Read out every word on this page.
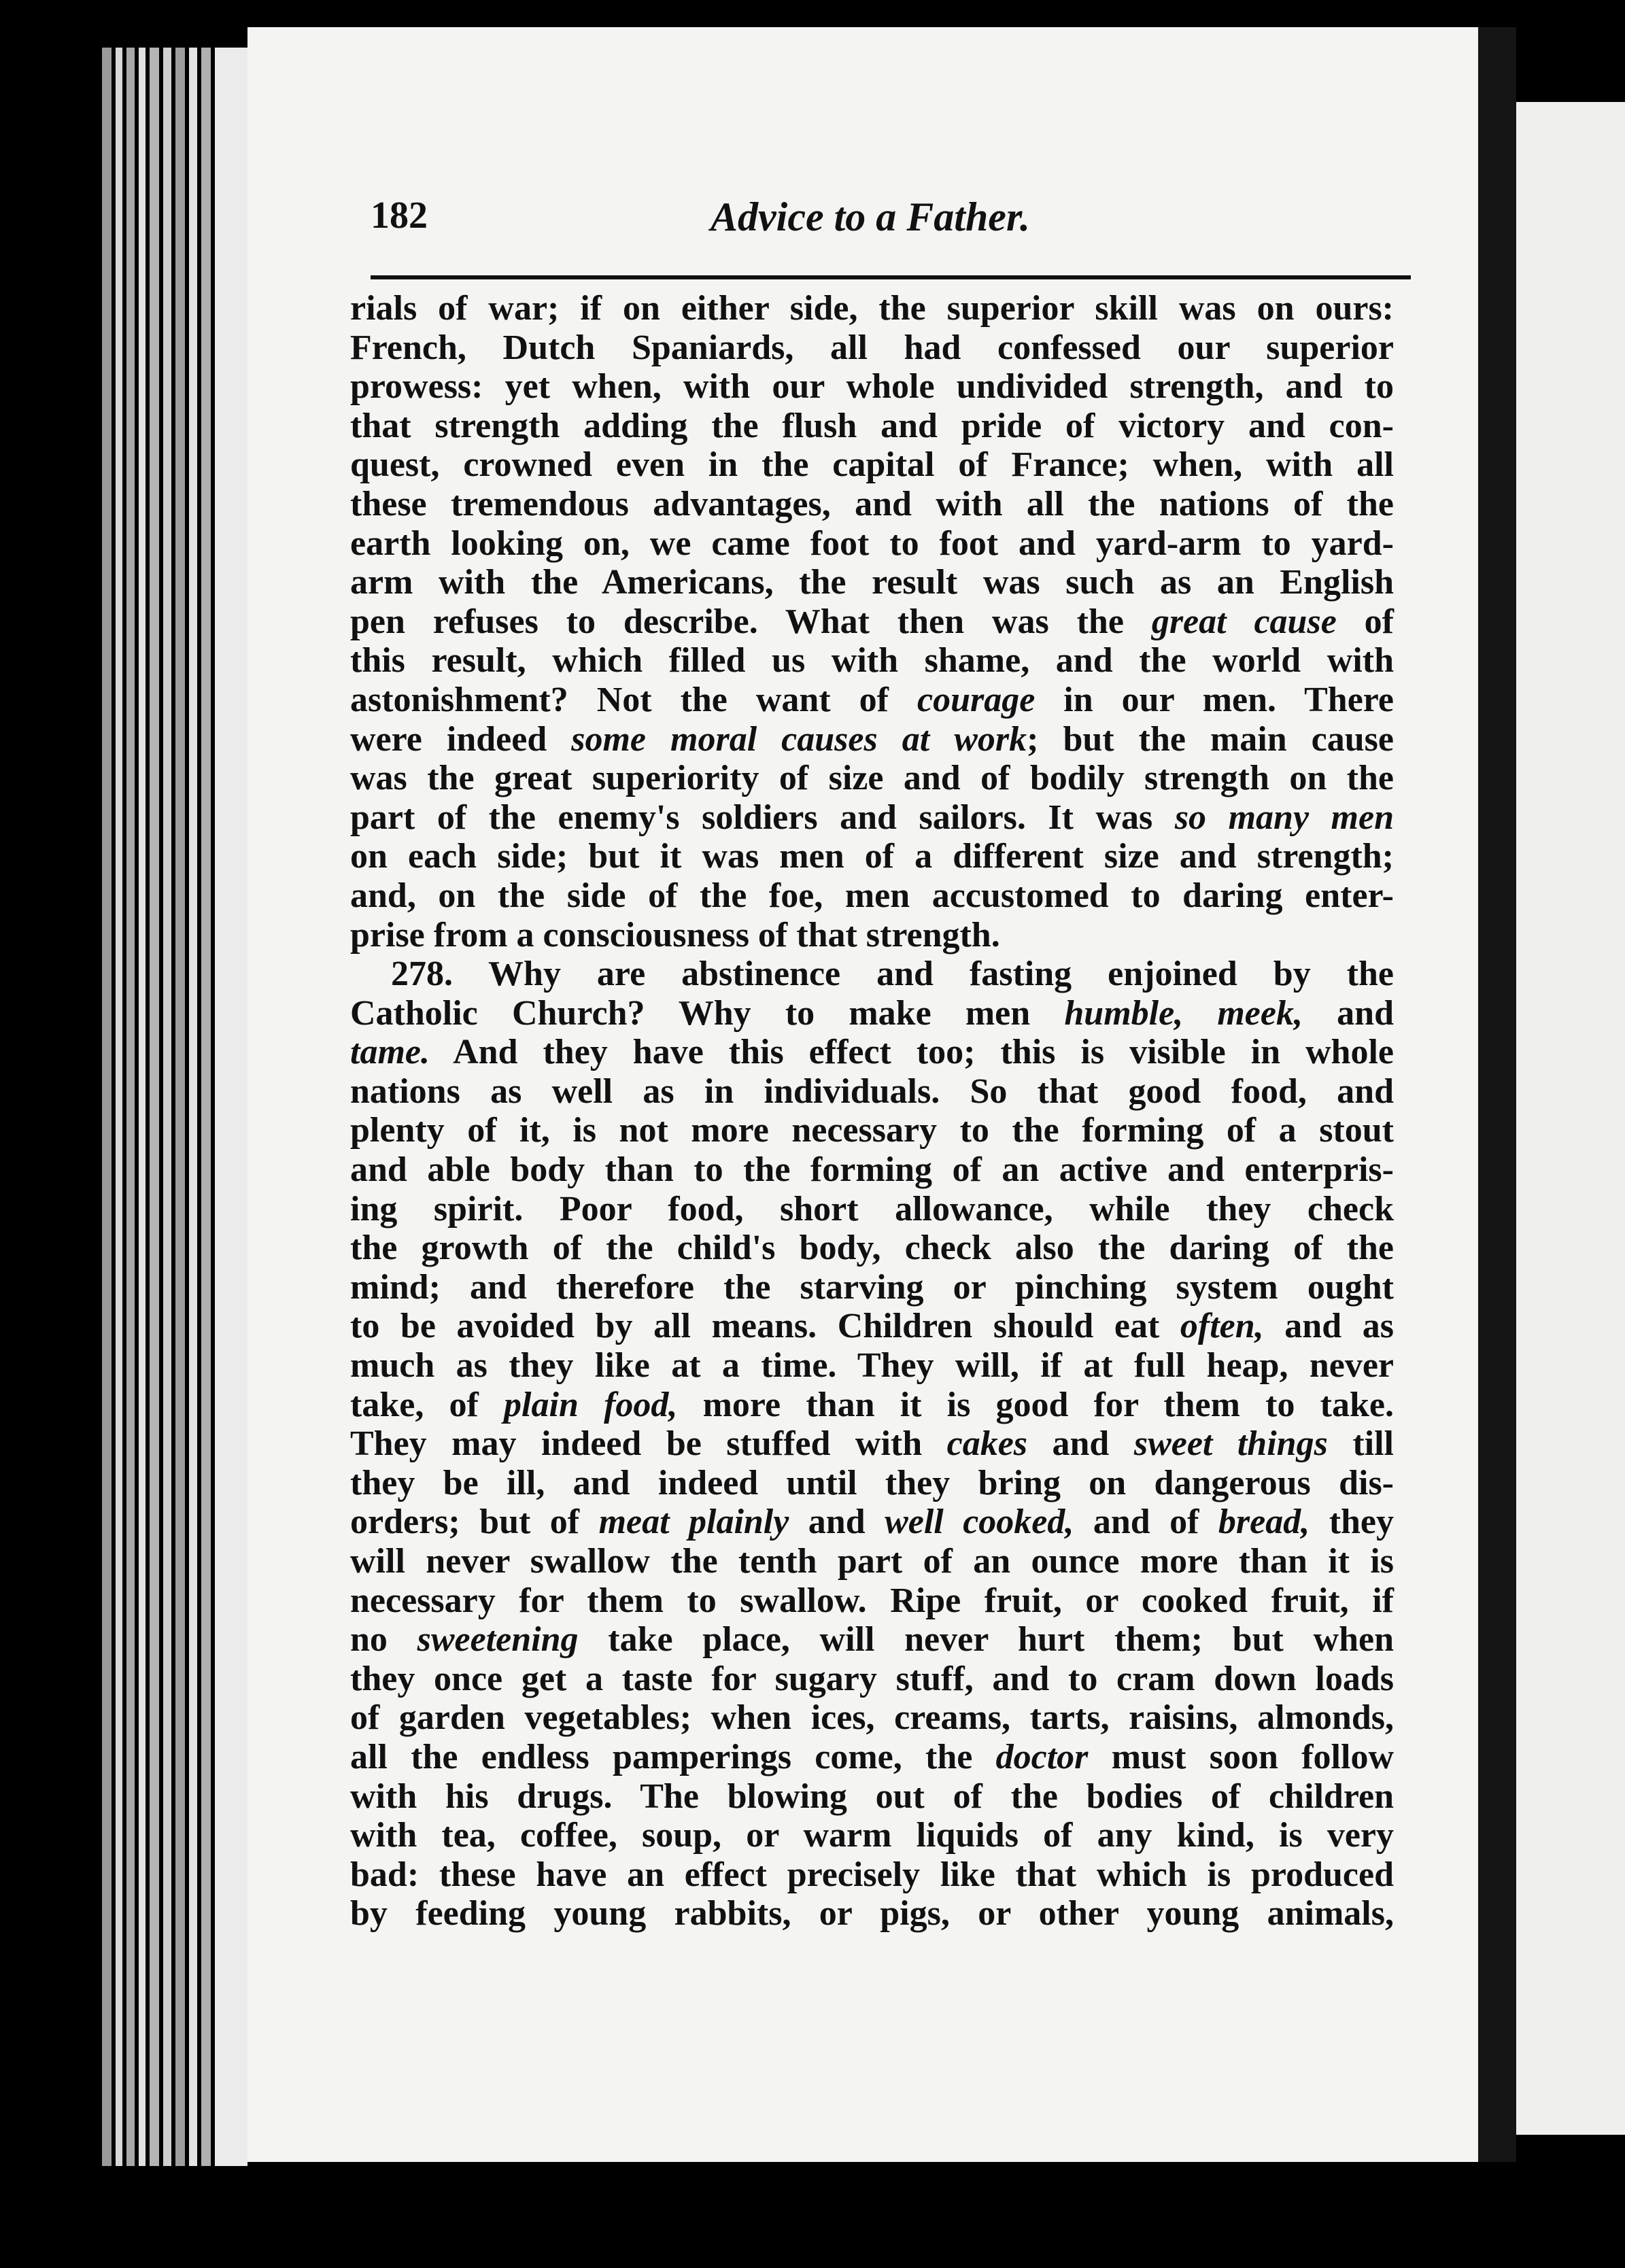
182	Advice to a Father.
rials of war; if on either side, the superior skill was on ours:
French, Dutch Spaniards, all had confessed our superior
prowess: yet when, with our whole undivided strength, and to
that strength adding the flush and pride of victory and con-
quest, crowned even in the capital of France; when, with all
these tremendous advantages, and with all the nations of the
earth looking on, we came foot to foot and yard-arm to yard-
arm with the Americans, the result was such as an English
pen refuses to describe. What then was the great cause of
this result, which filled us with shame, and the world with
astonishment? Not the want of courage in our men. There
were indeed some moral causes at work; but the main cause
was the great superiority of size and of bodily strength on the
part of the enemy's soldiers and sailors. It was so many men
on each side; but it was men of a different size and strength;
and, on the side of the foe, men accustomed to daring enter-
prise from a consciousness of that strength.
278. Why are abstinence and fasting enjoined by the
Catholic Church? Why to make men humble, meek, and
tame. And they have this effect too; this is visible in whole
nations as well as in individuals. So that good food, and
plenty of it, is not more necessary to the forming of a stout
and able body than to the forming of an active and enterpris-
ing spirit. Poor food, short allowance, while they check
the growth of the child's body, check also the daring of the
mind; and therefore the starving or pinching system ought
to be avoided by all means. Children should eat often, and as
much as they like at a time. They will, if at full heap, never
take, of plain food, more than it is good for them to take.
They may indeed be stuffed with cakes and sweet things till
they be ill, and indeed until they bring on dangerous dis-
orders; but of meat plainly and well cooked, and of bread, they
will never swallow the tenth part of an ounce more than it is
necessary for them to swallow. Ripe fruit, or cooked fruit, if
no sweetening take place, will never hurt them; but when
they once get a taste for sugary stuff, and to cram down loads
of garden vegetables; when ices, creams, tarts, raisins, almonds,
all the endless pamperings come, the doctor must soon follow
with his drugs. The blowing out of the bodies of children
with tea, coffee, soup, or warm liquids of any kind, is very
bad: these have an effect precisely like that which is produced
by feeding young rabbits, or pigs, or other young animals,
